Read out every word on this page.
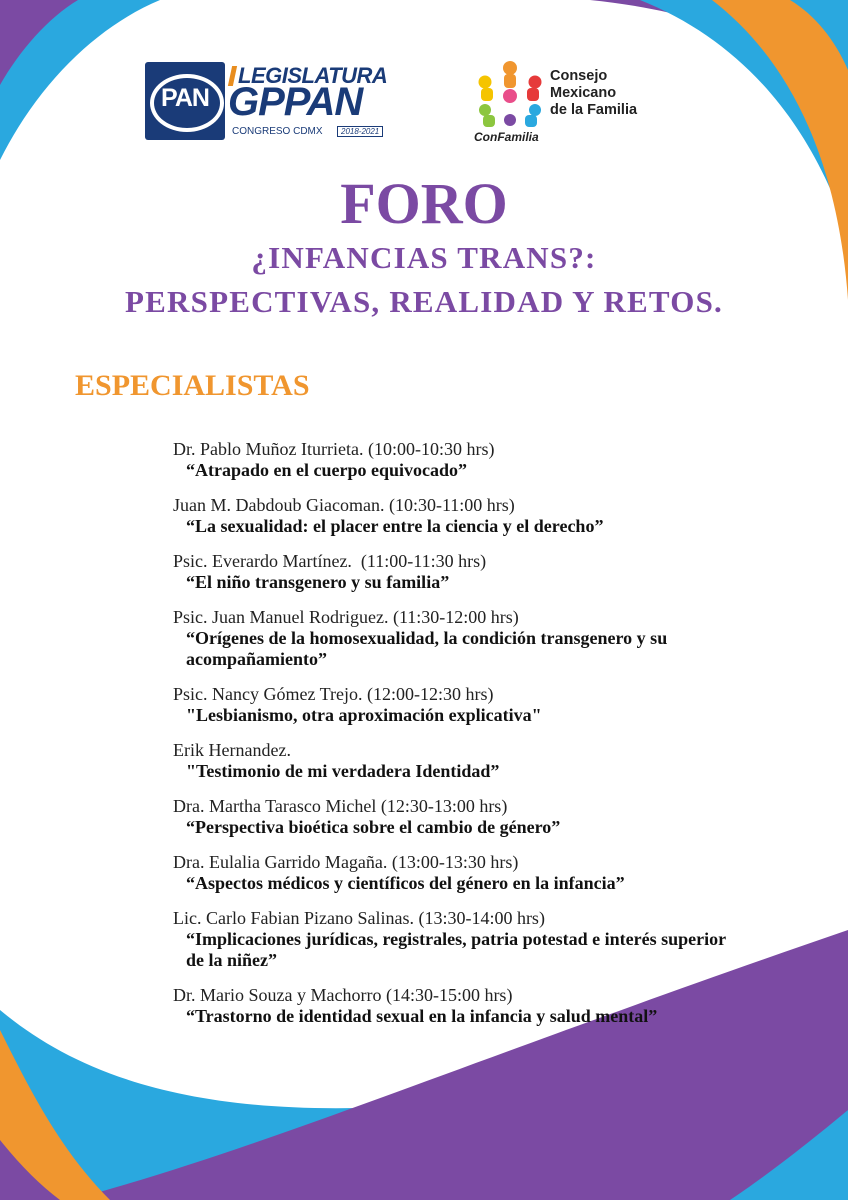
PAN
LEGISLATURA
GPPAN
CONGRESO CDMX	2018-2021
Consejo
Mexicano
de la Familia
ConFamilia
FORO
¿INFANCIAS TRANS?:
PERSPECTIVAS, REALIDAD Y RETOS.
ESPECIALISTAS
Dr. Pablo Muñoz Iturrieta. (10:00-10:30 hrs)
“Atrapado en el cuerpo equivocado”
Juan M. Dabdoub Giacoman. (10:30-11:00 hrs)
“La sexualidad: el placer entre la ciencia y el derecho”
Psic. Everardo Martínez.  (11:00-11:30 hrs)
“El niño transgenero y su familia”
Psic. Juan Manuel Rodriguez. (11:30-12:00 hrs)
“Orígenes de la homosexualidad, la condición transgenero y su acompañamiento”
Psic. Nancy Gómez Trejo. (12:00-12:30 hrs)
"Lesbianismo, otra aproximación explicativa"
Erik Hernandez.
"Testimonio de mi verdadera Identidad”
Dra. Martha Tarasco Michel (12:30-13:00 hrs)
“Perspectiva bioética sobre el cambio de género”
Dra. Eulalia Garrido Magaña. (13:00-13:30 hrs)
“Aspectos médicos y científicos del género en la infancia”
Lic. Carlo Fabian Pizano Salinas. (13:30-14:00 hrs)
“Implicaciones jurídicas, registrales, patria potestad e interés superior de la niñez”
Dr. Mario Souza y Machorro (14:30-15:00 hrs)
“Trastorno de identidad sexual en la infancia y salud mental”
